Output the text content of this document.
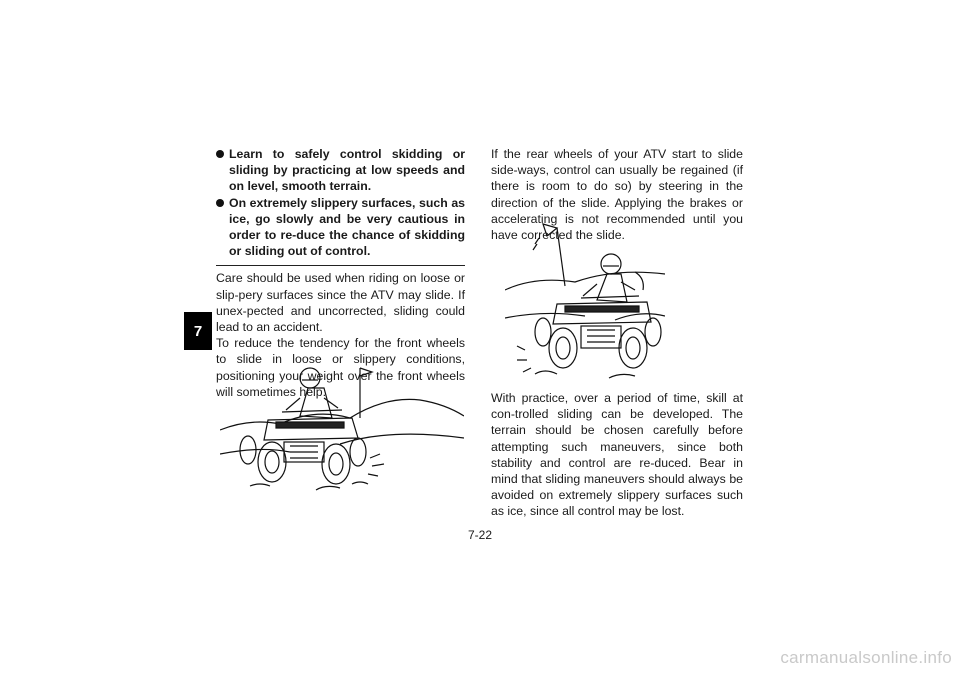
7
Learn to safely control skidding or sliding by practicing at low speeds and on level, smooth terrain.
On extremely slippery surfaces, such as ice, go slowly and be very cautious in order to re-duce the chance of skidding or sliding out of control.

Care should be used when riding on loose or slip-pery surfaces since the ATV may slide. If unex-pected and uncorrected, sliding could lead to an accident.

To reduce the tendency for the front wheels to slide in loose or slippery conditions, positioning your weight over the front wheels will sometimes help.

If the rear wheels of your ATV start to slide side-ways, control can usually be regained (if there is room to do so) by steering in the direction of the slide. Applying the brakes or accelerating is not recommended until you have corrected the slide.

With practice, over a period of time, skill at con-trolled sliding can be developed. The terrain should be chosen carefully before attempting such maneuvers, since both stability and control are re-duced. Bear in mind that sliding maneuvers should always be avoided on extremely slippery surfaces such as ice, since all control may be lost.

7-22
carmanualsonline.info
